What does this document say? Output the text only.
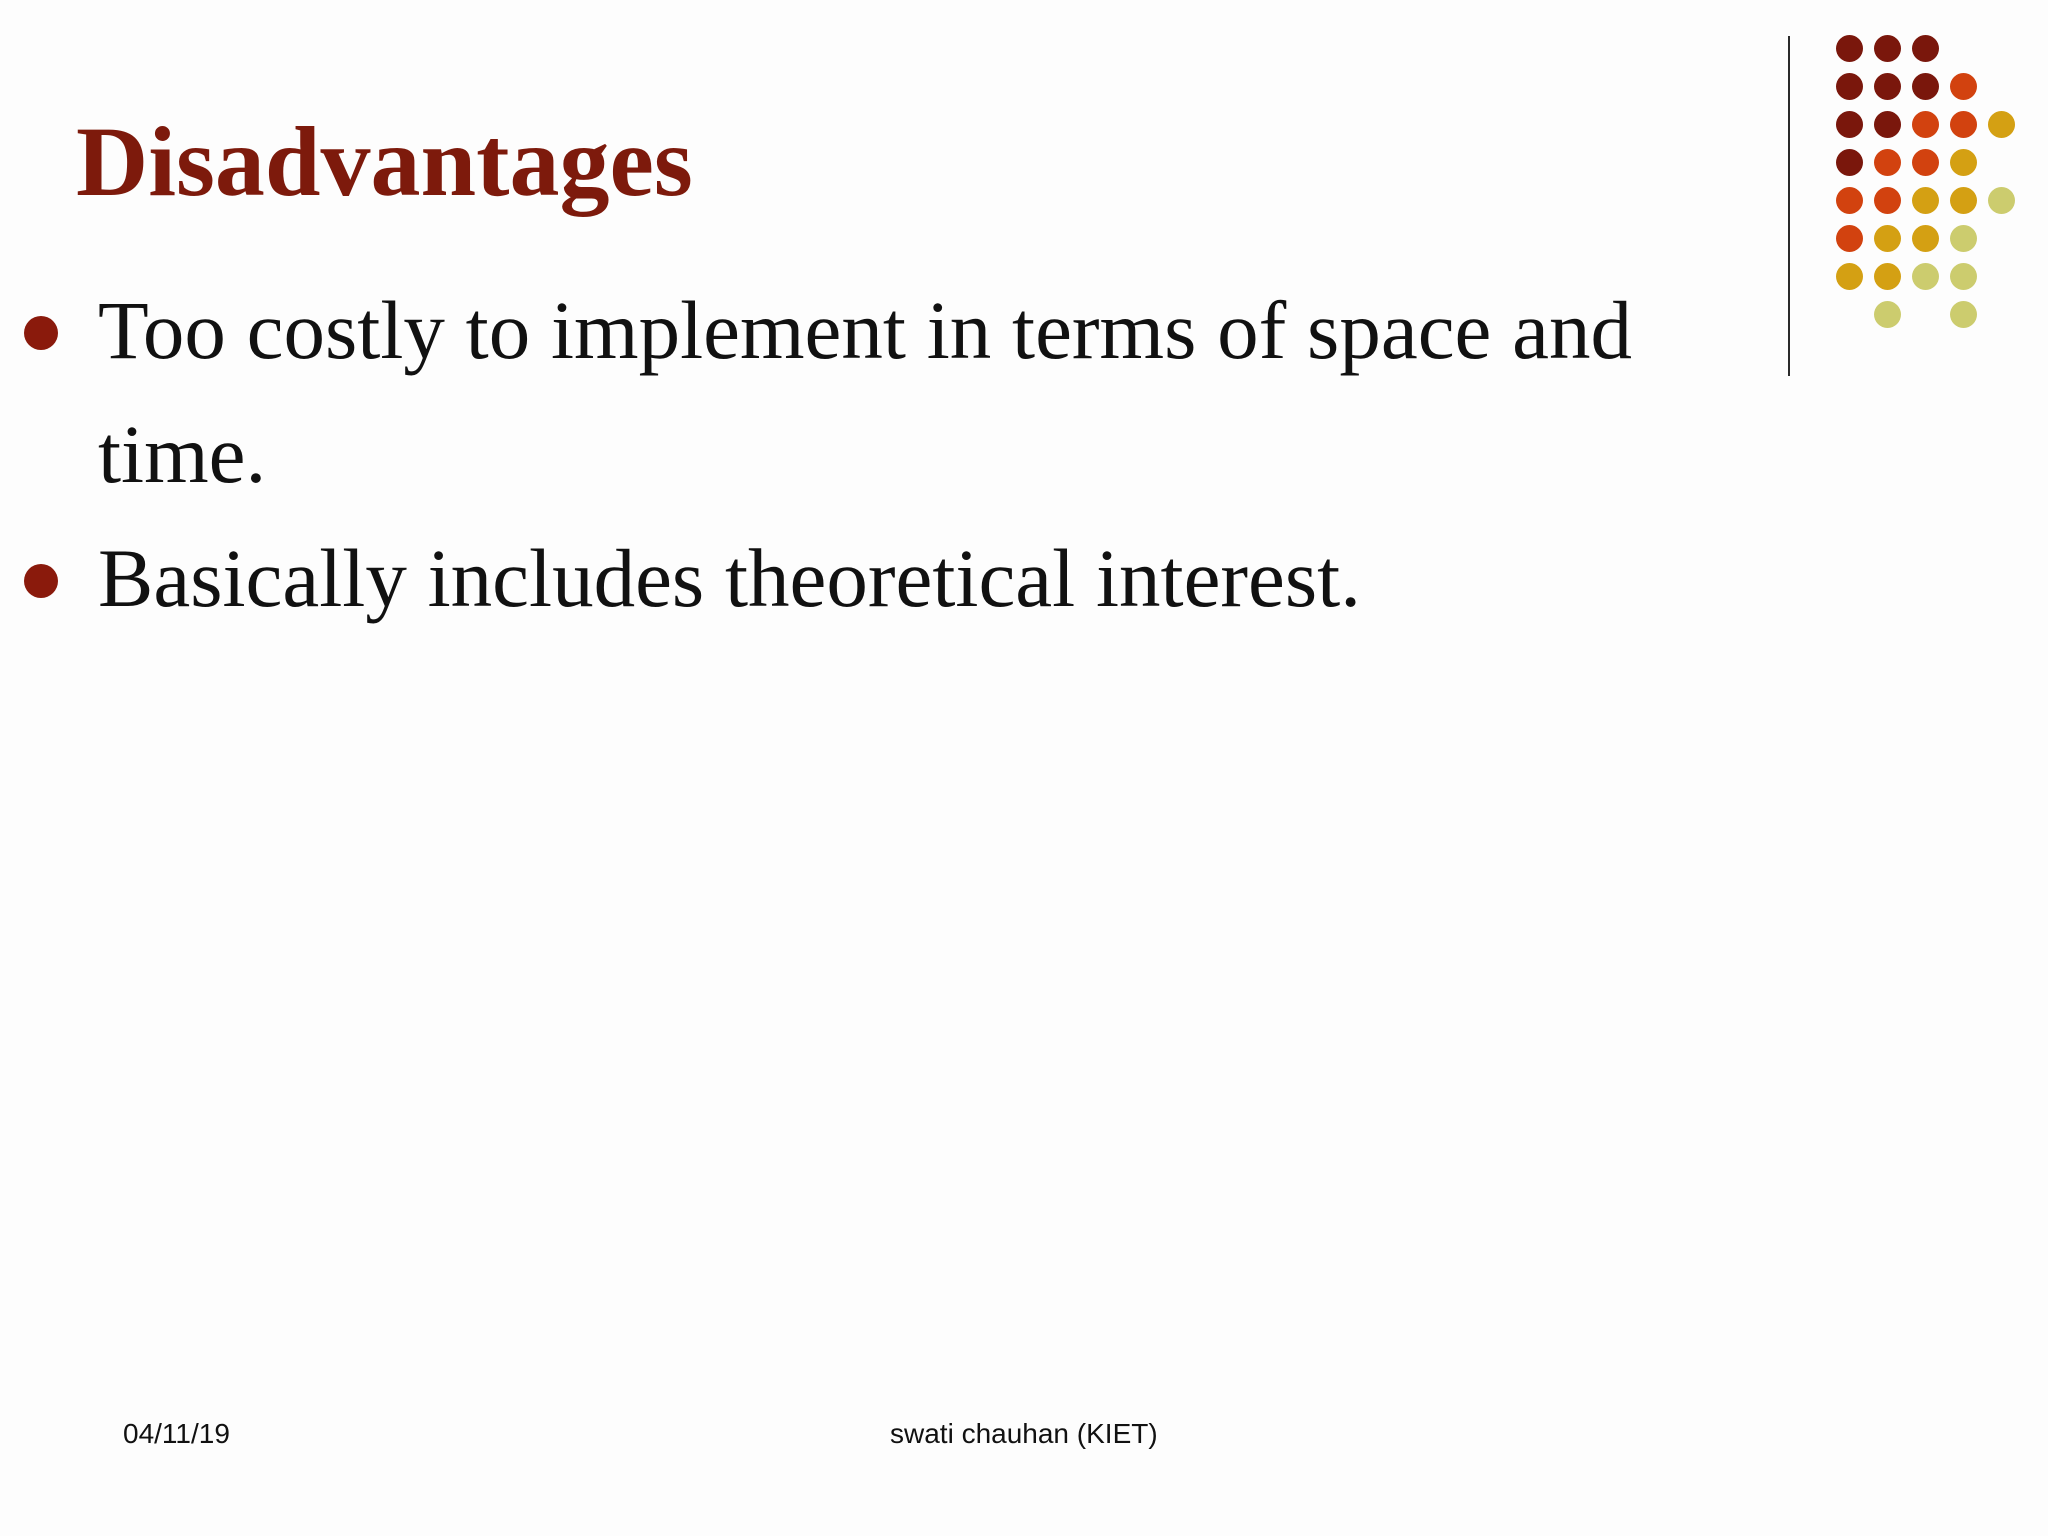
Disadvantages
Too costly to implement in terms of space and time.
Basically includes theoretical interest.
04/11/19	swati chauhan (KIET)
